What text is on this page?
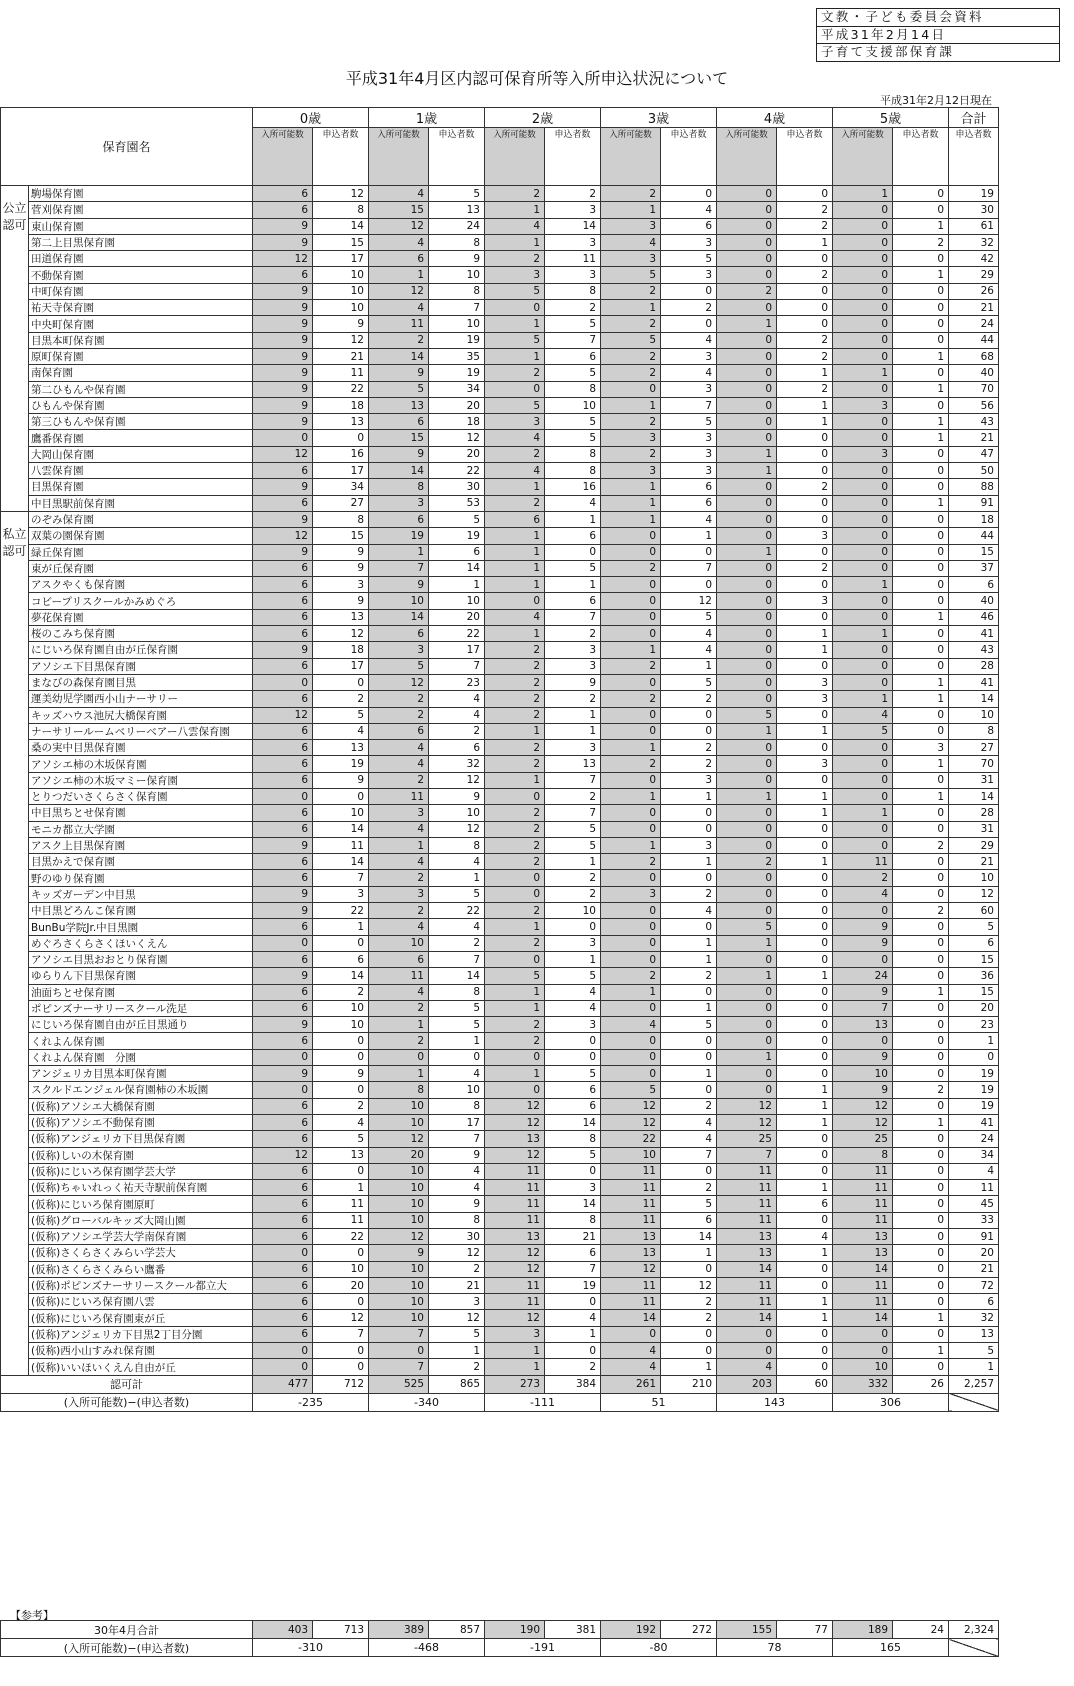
文教・子ども委員会資料
平成31年2月14日
子育て支援部保育課
平成31年4月区内認可保育所等入所申込状況について
平成31年2月12日現在
保育園名		0歳		1歳		2歳		3歳		4歳		5歳		合計
		入所可能数	申込者数	入所可能数	申込者数	入所可能数	申込者数	入所可能数	申込者数	入所可能数	申込者数	入所可能数	申込者数	申込者数
公立認可	駒場保育園	6	12	4	5	2	2	2	0	0	0	1	0	19
	菅刈保育園	6	8	15	13	1	3	1	4	0	2	0	0	30
	東山保育園	9	14	12	24	4	14	3	6	0	2	0	1	61
	第二上目黒保育園	9	15	4	8	1	3	4	3	0	1	0	2	32
	田道保育園	12	17	6	9	2	11	3	5	0	0	0	0	42
	不動保育園	6	10	1	10	3	3	5	3	0	2	0	1	29
	中町保育園	9	10	12	8	5	8	2	0	2	0	0	0	26
	祐天寺保育園	9	10	4	7	0	2	1	2	0	0	0	0	21
	中央町保育園	9	9	11	10	1	5	2	0	1	0	0	0	24
	目黒本町保育園	9	12	2	19	5	7	5	4	0	2	0	0	44
	原町保育園	9	21	14	35	1	6	2	3	0	2	0	1	68
	南保育園	9	11	9	19	2	5	2	4	0	1	1	0	40
	第二ひもんや保育園	9	22	5	34	0	8	0	3	0	2	0	1	70
	ひもんや保育園	9	18	13	20	5	10	1	7	0	1	3	0	56
	第三ひもんや保育園	9	13	6	18	3	5	2	5	0	1	0	1	43
	鷹番保育園	0	0	15	12	4	5	3	3	0	0	0	1	21
	大岡山保育園	12	16	9	20	2	8	2	3	1	0	3	0	47
	八雲保育園	6	17	14	22	4	8	3	3	1	0	0	0	50
	目黒保育園	9	34	8	30	1	16	1	6	0	2	0	0	88
	中目黒駅前保育園	6	27	3	53	2	4	1	6	0	0	0	1	91
私立認可	のぞみ保育園	9	8	6	5	6	1	1	4	0	0	0	0	18
	双葉の園保育園	12	15	19	19	1	6	0	1	0	3	0	0	44
	緑丘保育園	9	9	1	6	1	0	0	0	1	0	0	0	15
	東が丘保育園	6	9	7	14	1	5	2	7	0	2	0	0	37
	アスクやくも保育園	6	3	9	1	1	1	0	0	0	0	1	0	6
	コビープリスクールかみめぐろ	6	9	10	10	0	6	0	12	0	3	0	0	40
	夢花保育園	6	13	14	20	4	7	0	5	0	0	0	1	46
	桜のこみち保育園	6	12	6	22	1	2	0	4	0	1	1	0	41
	にじいろ保育園自由が丘保育園	9	18	3	17	2	3	1	4	0	1	0	0	43
	アソシエ下目黒保育園	6	17	5	7	2	3	2	1	0	0	0	0	28
	まなびの森保育園目黒	0	0	12	23	2	9	0	5	0	3	0	1	41
	運美幼児学園西小山ナーサリー	6	2	2	4	2	2	2	2	0	3	1	1	14
	キッズハウス池尻大橋保育園	12	5	2	4	2	1	0	0	5	0	4	0	10
	ナーサリールームベリーベアー八雲保育園	6	4	6	2	1	1	0	0	1	1	5	0	8
	桑の実中目黒保育園	6	13	4	6	2	3	1	2	0	0	0	3	27
	アソシエ柿の木坂保育園	6	19	4	32	2	13	2	2	0	3	0	1	70
	アソシエ柿の木坂マミー保育園	6	9	2	12	1	7	0	3	0	0	0	0	31
	とりつだいさくらさく保育園	0	0	11	9	0	2	1	1	1	1	0	1	14
	中目黒ちとせ保育園	6	10	3	10	2	7	0	0	0	1	1	0	28
	モニカ都立大学園	6	14	4	12	2	5	0	0	0	0	0	0	31
	アスク上目黒保育園	9	11	1	8	2	5	1	3	0	0	0	2	29
	目黒かえで保育園	6	14	4	4	2	1	2	1	2	1	11	0	21
	野のゆり保育園	6	7	2	1	0	2	0	0	0	0	2	0	10
	キッズガーデン中目黒	9	3	3	5	0	2	3	2	0	0	4	0	12
	中目黒どろんこ保育園	9	22	2	22	2	10	0	4	0	0	0	2	60
	BunBu学院Jr.中目黒園	6	1	4	4	1	0	0	0	5	0	9	0	5
	めぐろさくらさくほいくえん	0	0	10	2	2	3	0	1	1	0	9	0	6
	アソシエ目黒おおとり保育園	6	6	6	7	0	1	0	1	0	0	0	0	15
	ゆらりん下目黒保育園	9	14	11	14	5	5	2	2	1	1	24	0	36
	油面ちとせ保育園	6	2	4	8	1	4	1	0	0	0	9	1	15
	ポピンズナーサリースクール洗足	6	10	2	5	1	4	0	1	0	0	7	0	20
	にじいろ保育園自由が丘目黒通り	9	10	1	5	2	3	4	5	0	0	13	0	23
	くれよん保育園	6	0	2	1	2	0	0	0	0	0	0	0	1
	くれよん保育園　分園	0	0	0	0	0	0	0	0	1	0	9	0	0
	アンジェリカ目黒本町保育園	9	9	1	4	1	5	0	1	0	0	10	0	19
	スクルドエンジェル保育園柿の木坂園	0	0	8	10	0	6	5	0	0	1	9	2	19
	(仮称)アソシエ大橋保育園	6	2	10	8	12	6	12	2	12	1	12	0	19
	(仮称)アソシエ不動保育園	6	4	10	17	12	14	12	4	12	1	12	1	41
	(仮称)アンジェリカ下目黒保育園	6	5	12	7	13	8	22	4	25	0	25	0	24
	(仮称)しいの木保育園	12	13	20	9	12	5	10	7	7	0	8	0	34
	(仮称)にじいろ保育園学芸大学	6	0	10	4	11	0	11	0	11	0	11	0	4
	(仮称)ちゃいれっく祐天寺駅前保育園	6	1	10	4	11	3	11	2	11	1	11	0	11
	(仮称)にじいろ保育園原町	6	11	10	9	11	14	11	5	11	6	11	0	45
	(仮称)グローバルキッズ大岡山園	6	11	10	8	11	8	11	6	11	0	11	0	33
	(仮称)アソシエ学芸大学南保育園	6	22	12	30	13	21	13	14	13	4	13	0	91
	(仮称)さくらさくみらい学芸大	0	0	9	12	12	6	13	1	13	1	13	0	20
	(仮称)さくらさくみらい鷹番	6	10	10	2	12	7	12	0	14	0	14	0	21
	(仮称)ポピンズナーサリースクール都立大	6	20	10	21	11	19	11	12	11	0	11	0	72
	(仮称)にじいろ保育園八雲	6	0	10	3	11	0	11	2	11	1	11	0	6
	(仮称)にじいろ保育園東が丘	6	12	10	12	12	4	14	2	14	1	14	1	32
	(仮称)アンジェリカ下目黒2丁目分園	6	7	7	5	3	1	0	0	0	0	0	0	13
	(仮称)西小山すみれ保育園	0	0	0	1	1	0	4	0	0	0	0	1	5
	(仮称)いいほいくえん自由が丘	0	0	7	2	1	2	4	1	4	0	10	0	1
認可計		477	712	525	865	273	384	261	210	203	60	332	26	2,257
(入所可能数)−(申込者数)		-235		-340		-111		51		143		306		
【参考】
30年4月合計	403	713	389	857	190	381	192	272	155	77	189	24	2,324
(入所可能数)−(申込者数)	-310		-468		-191		-80		78		165		
